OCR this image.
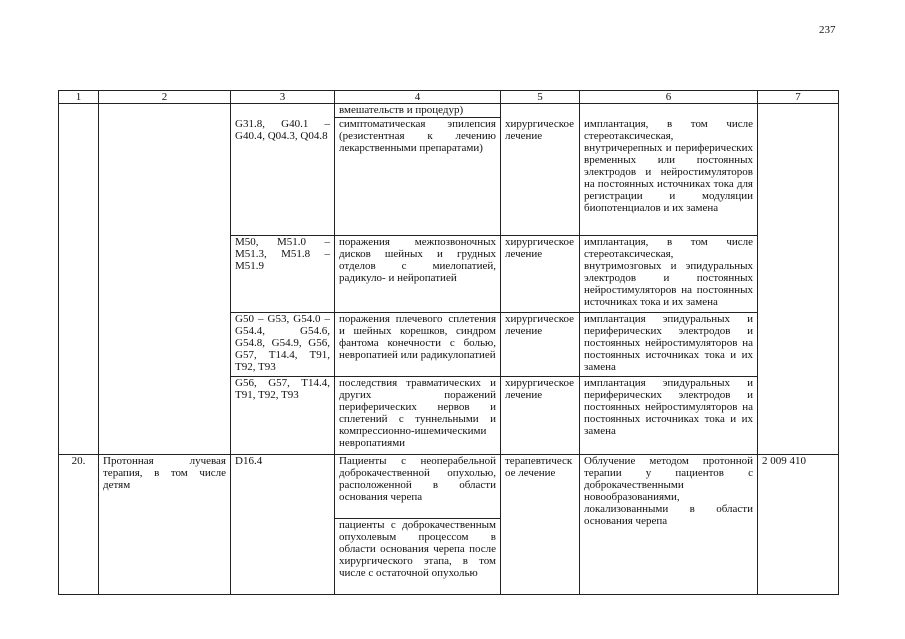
237
1	2	3	4	5	6	7
			вмешательств и процедур)			
		G31.8, G40.1 – G40.4, Q04.3, Q04.8	симптоматическая эпилепсия (резистентная к лечению лекарственными препаратами)	хирургическое лечение	имплантация, в том числе стереотаксическая, внутричерепных и периферических временных или постоянных электродов и нейростимуляторов на постоянных источниках тока для регистрации и модуляции биопотенциалов и их замена	
		M50, M51.0 – M51.3, M51.8 – M51.9	поражения межпозвоночных дисков шейных и грудных отделов с миелопатией, радикуло- и нейропатией	хирургическое лечение	имплантация, в том числе стереотаксическая, внутримозговых и эпидуральных электродов и постоянных нейростимуляторов на постоянных источниках тока и их замена	
		G50 – G53, G54.0 – G54.4, G54.6, G54.8, G54.9, G56, G57, T14.4, T91, T92, T93	поражения плечевого сплетения и шейных корешков, синдром фантома конечности с болью, невропатией или радикулопатией	хирургическое лечение	имплантация эпидуральных и периферических электродов и постоянных нейростимуляторов на постоянных источниках тока и их замена	
		G56, G57, T14.4, T91, T92, T93	последствия травматических и других поражений периферических нервов и сплетений с туннельными и компрессионно-ишемическими невропатиями	хирургическое лечение	имплантация эпидуральных и периферических электродов и постоянных нейростимуляторов на постоянных источниках тока и их замена	
20.	Протонная лучевая терапия, в том числе детям	D16.4	Пациенты с неоперабельной доброкачественной опухолью, расположенной в области основания черепа	терапевтическое лечение	Облучение методом протонной терапии у пациентов с доброкачественными новообразованиями, локализованными в области основания черепа	2 009 410
			пациенты с доброкачественным опухолевым процессом в области основания черепа после хирургического этапа, в том числе с остаточной опухолью			
